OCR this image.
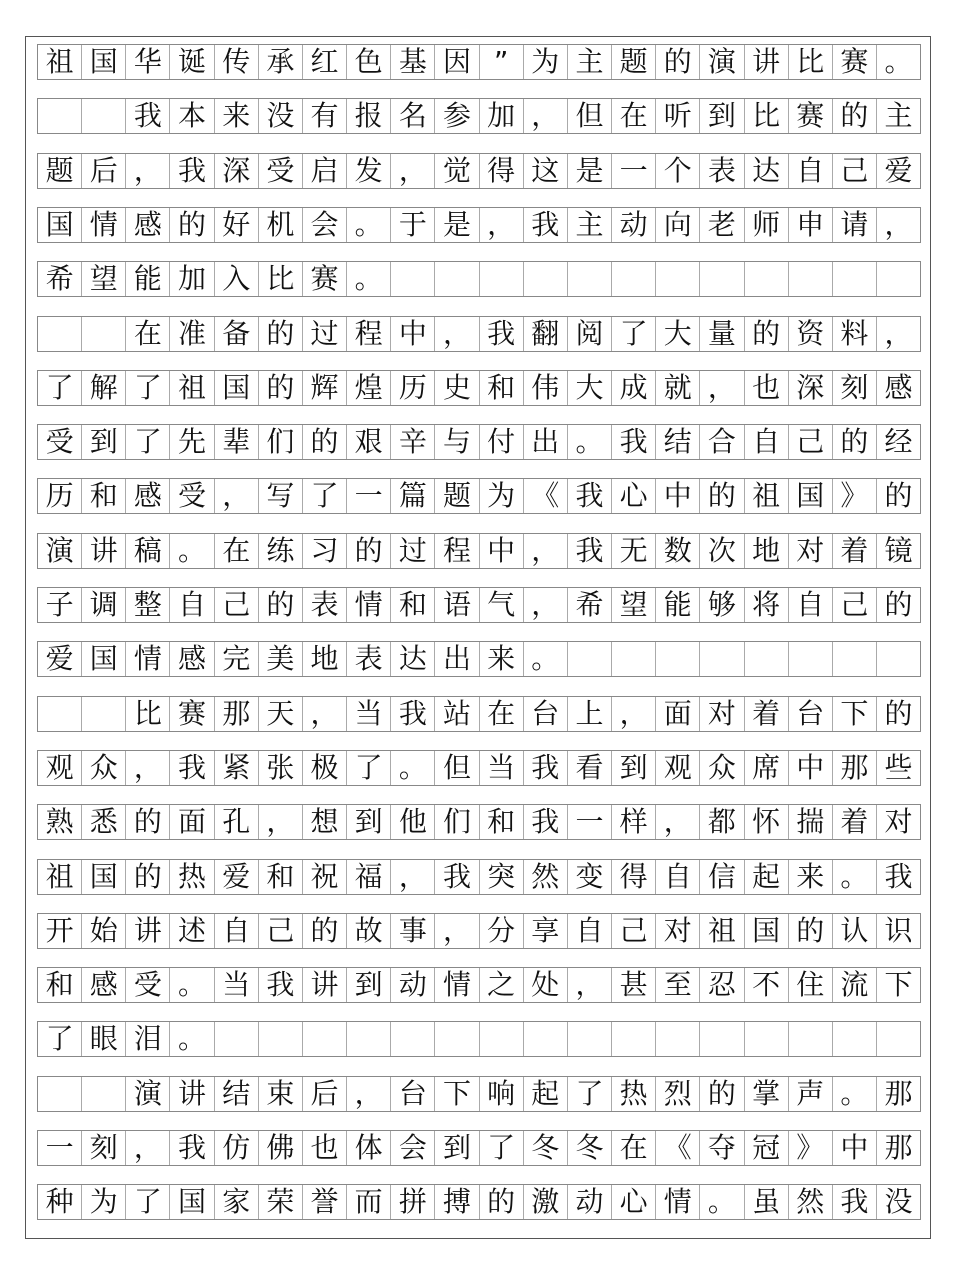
祖 国 华 诞 传 承 红 色 基 因 ” 为 主 题 的 演 讲 比 赛 。
我 本 来 没 有 报 名 参 加 ， 但 在 听 到 比 赛 的 主
题 后 ， 我 深 受 启 发 ， 觉 得 这 是 一 个 表 达 自 己 爱
国 情 感 的 好 机 会 。 于 是 ， 我 主 动 向 老 师 申 请 ，
希 望 能 加 入 比 赛 。
在 准 备 的 过 程 中 ， 我 翻 阅 了 大 量 的 资 料 ，
了 解 了 祖 国 的 辉 煌 历 史 和 伟 大 成 就 ， 也 深 刻 感
受 到 了 先 辈 们 的 艰 辛 与 付 出 。 我 结 合 自 己 的 经
历 和 感 受 ， 写 了 一 篇 题 为 《 我 心 中 的 祖 国 》 的
演 讲 稿 。 在 练 习 的 过 程 中 ， 我 无 数 次 地 对 着 镜
子 调 整 自 己 的 表 情 和 语 气 ， 希 望 能 够 将 自 己 的
爱 国 情 感 完 美 地 表 达 出 来 。
比 赛 那 天 ， 当 我 站 在 台 上 ， 面 对 着 台 下 的
观 众 ， 我 紧 张 极 了 。 但 当 我 看 到 观 众 席 中 那 些
熟 悉 的 面 孔 ， 想 到 他 们 和 我 一 样 ， 都 怀 揣 着 对
祖 国 的 热 爱 和 祝 福 ， 我 突 然 变 得 自 信 起 来 。 我
开 始 讲 述 自 己 的 故 事 ， 分 享 自 己 对 祖 国 的 认 识
和 感 受 。 当 我 讲 到 动 情 之 处 ， 甚 至 忍 不 住 流 下
了 眼 泪 。
演 讲 结 束 后 ， 台 下 响 起 了 热 烈 的 掌 声 。 那
一 刻 ， 我 仿 佛 也 体 会 到 了 冬 冬 在 《 夺 冠 》 中 那
种 为 了 国 家 荣 誉 而 拼 搏 的 激 动 心 情 。 虽 然 我 没
